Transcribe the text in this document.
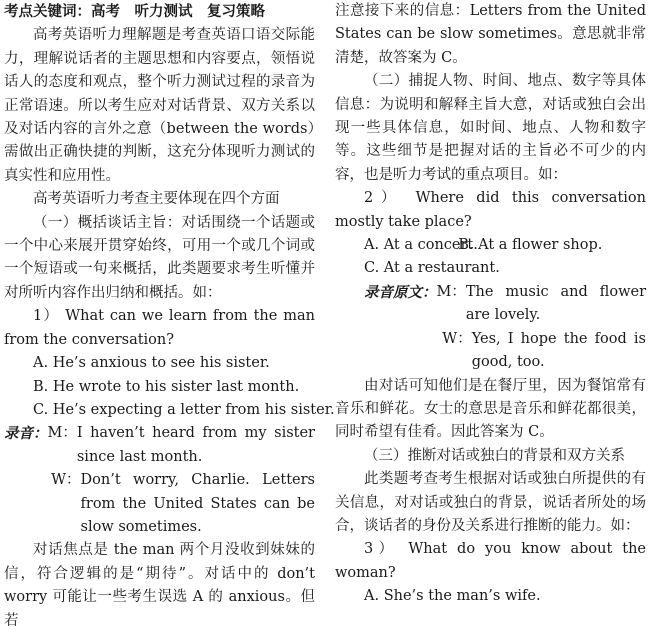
考点关键词：高考　听力测试　复习策略

高考英语听力理解题是考查英语口语交际能力，理解说话者的主题思想和内容要点，领悟说话人的态度和观点，整个听力测试过程的录音为正常语速。所以考生应对对话背景、双方关系以及对话内容的言外之意（between the words）需做出正确快捷的判断，这充分体现听力测试的真实性和应用性。

高考英语听力考查主要体现在四个方面

（一）概括谈话主旨：对话围绕一个话题或一个中心来展开贯穿始终，可用一个或几个词或一个短语或一句来概括，此类题要求考生听懂并对所听内容作出归纳和概括。如：

1） What can we learn from the man from the conversation?

A. He’s anxious to see his sister.

B. He wrote to his sister last month.

C. He’s expecting a letter from his sister.

录音： M： I haven’t heard from my sister since last month.
W： Don’t worry, Charlie. Letters from the United States can be slow sometimes.

对话焦点是 the man 两个月没收到妹妹的信，符合逻辑的是“期待”。对话中的 don’t worry 可能让一些考生误选 A 的 anxious。但若

注意接下来的信息：Letters from the United States can be slow sometimes。意思就非常清楚，故答案为 C。

（二）捕捉人物、时间、地点、数字等具体信息：为说明和解释主旨大意，对话或独白会出现一些具体信息，如时间、地点、人物和数字等。这些细节是把握对话的主旨必不可少的内容，也是听力考试的重点项目。如：

2） Where did this conversation mostly take place?

A. At a concert.B. At a flower shop.

C. At a restaurant.

录音原文： M： The music and flower are lovely.
W： Yes, I hope the food is good, too.

由对话可知他们是在餐厅里，因为餐馆常有音乐和鲜花。女士的意思是音乐和鲜花都很美，同时希望有佳肴。因此答案为 C。

（三）推断对话或独白的背景和双方关系

此类题考查考生根据对话或独白所提供的有关信息，对对话或独白的背景，说话者所处的场合，谈话者的身份及关系进行推断的能力。如：

3） What do you know about the woman?

A. She’s the man’s wife.
